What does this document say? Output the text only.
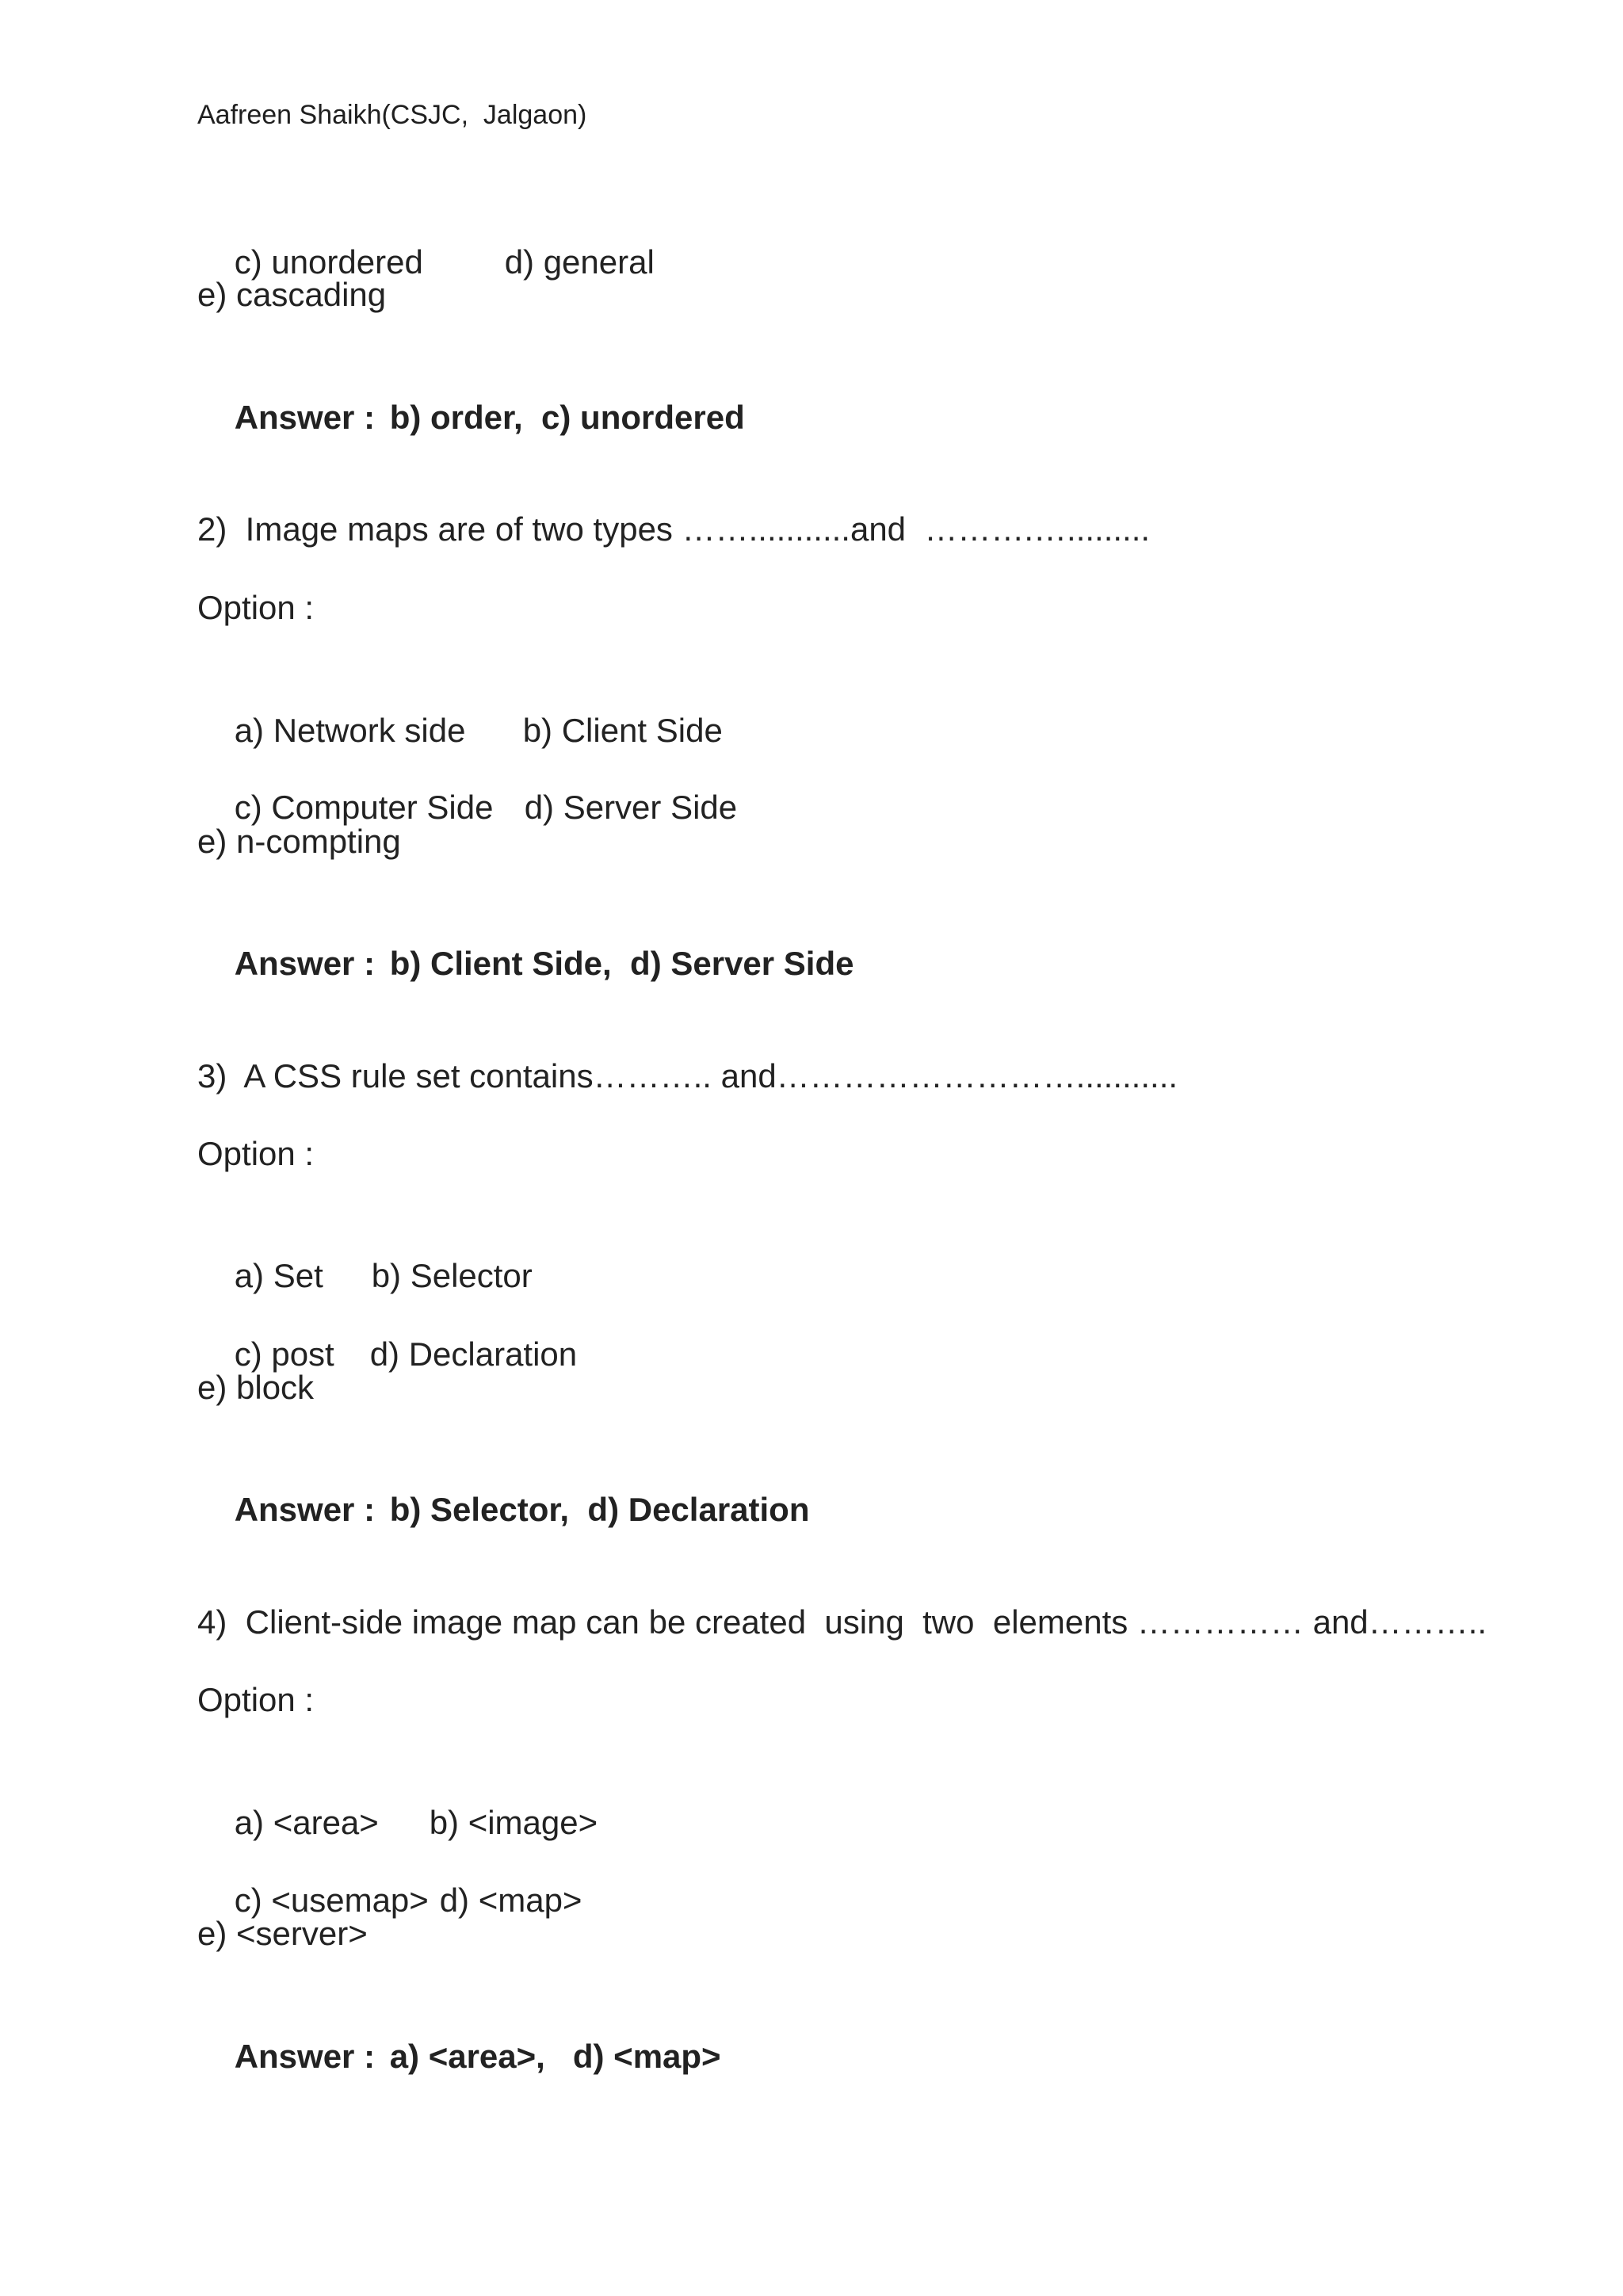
Aafreen Shaikh(CSJC,  Jalgaon)

c) unordered d) general

e) cascading

Answer : b) order,  c) unordered

2)  Image maps are of two types ……...........and  ……….….........
Option :

a) Network side b) Client Side

c) Computer Side d) Server Side

e) n-compting

Answer : b) Client Side,  d) Server Side

3)  A CSS rule set contains……….. and………………………...........
Option :

a) Set b) Selector

c) post d) Declaration

e) block

Answer : b) Selector,  d) Declaration

4)  Client-side image map can be created  using  two  elements …………… and………..
Option :

a) <area> b) <image>

c) <usemap> d) <map>

e) <server>

Answer : a) <area>,   d) <map>
